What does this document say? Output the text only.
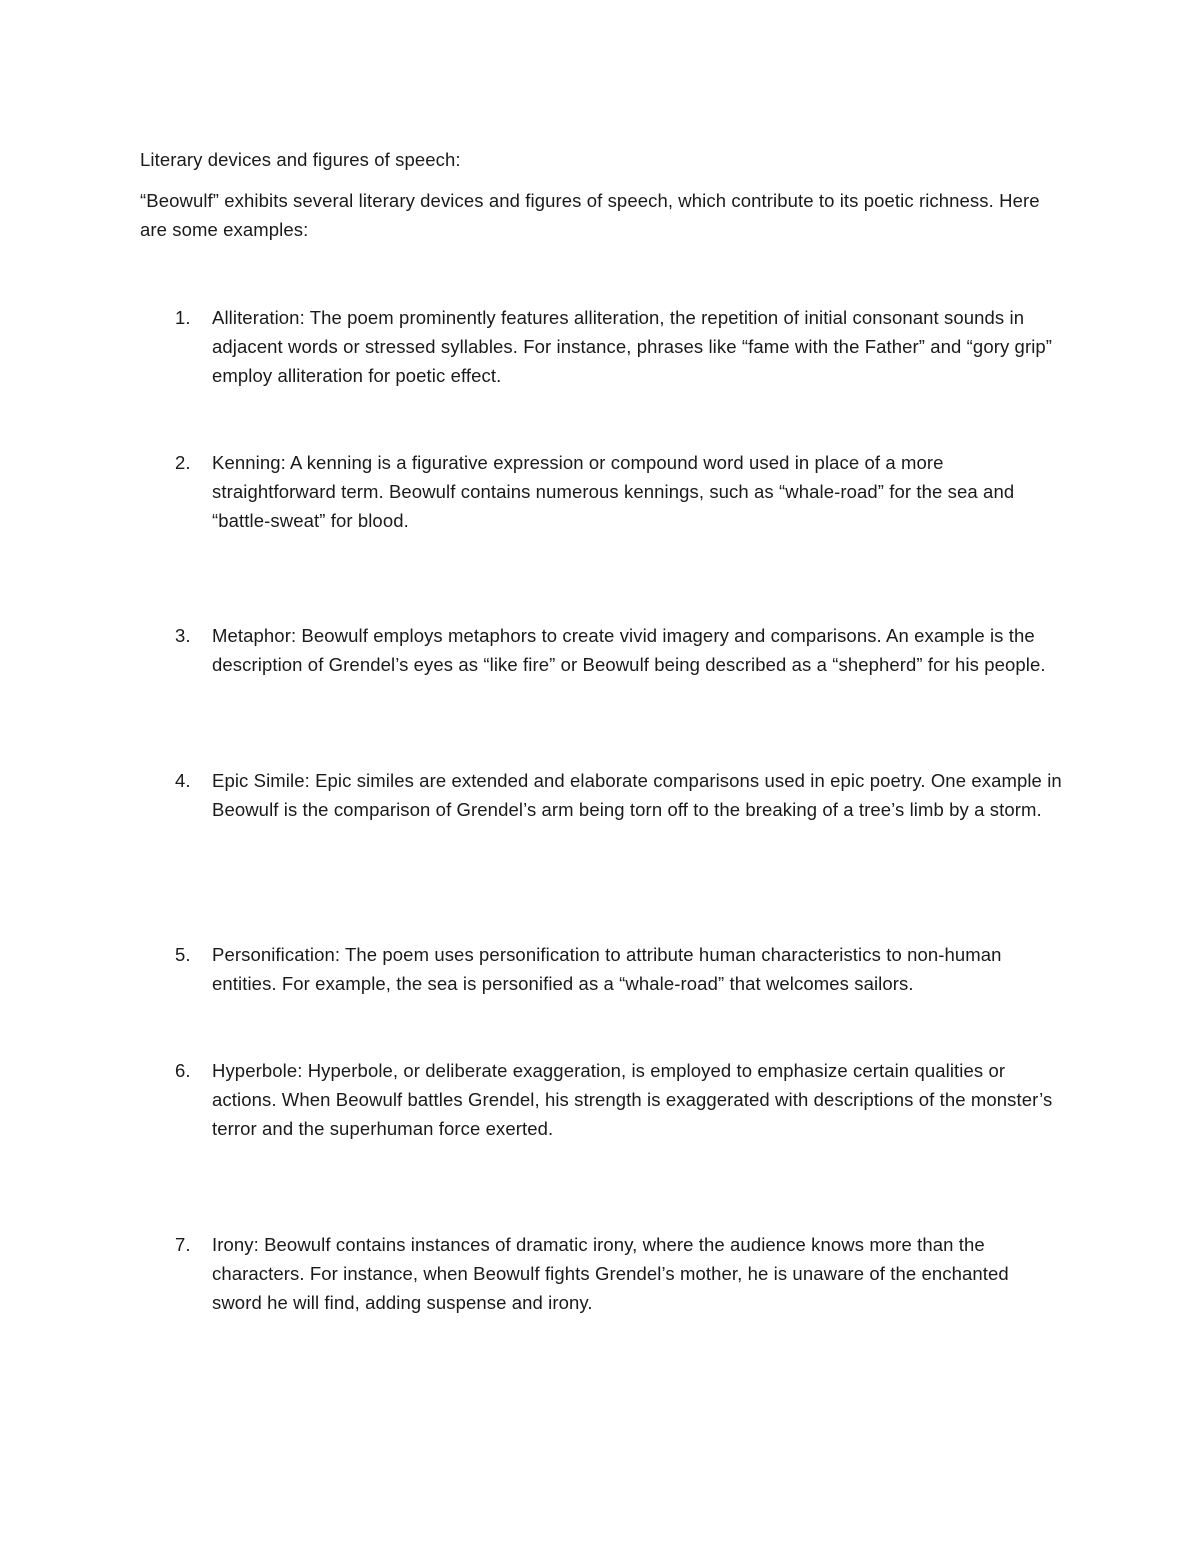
Literary devices and figures of speech:

“Beowulf” exhibits several literary devices and figures of speech, which contribute to its poetic richness. Here are some examples:

1.	Alliteration: The poem prominently features alliteration, the repetition of initial consonant sounds in adjacent words or stressed syllables. For instance, phrases like “fame with the Father” and “gory grip” employ alliteration for poetic effect.
2.	Kenning: A kenning is a figurative expression or compound word used in place of a more straightforward term. Beowulf contains numerous kennings, such as “whale-road” for the sea and “battle-sweat” for blood.
3.	Metaphor: Beowulf employs metaphors to create vivid imagery and comparisons. An example is the description of Grendel’s eyes as “like fire” or Beowulf being described as a “shepherd” for his people.
4.	Epic Simile: Epic similes are extended and elaborate comparisons used in epic poetry. One example in Beowulf is the comparison of Grendel’s arm being torn off to the breaking of a tree’s limb by a storm.
5.	Personification: The poem uses personification to attribute human characteristics to non-human entities. For example, the sea is personified as a “whale-road” that welcomes sailors.
6.	Hyperbole: Hyperbole, or deliberate exaggeration, is employed to emphasize certain qualities or actions. When Beowulf battles Grendel, his strength is exaggerated with descriptions of the monster’s terror and the superhuman force exerted.
7.	Irony: Beowulf contains instances of dramatic irony, where the audience knows more than the characters. For instance, when Beowulf fights Grendel’s mother, he is unaware of the enchanted sword he will find, adding suspense and irony.
